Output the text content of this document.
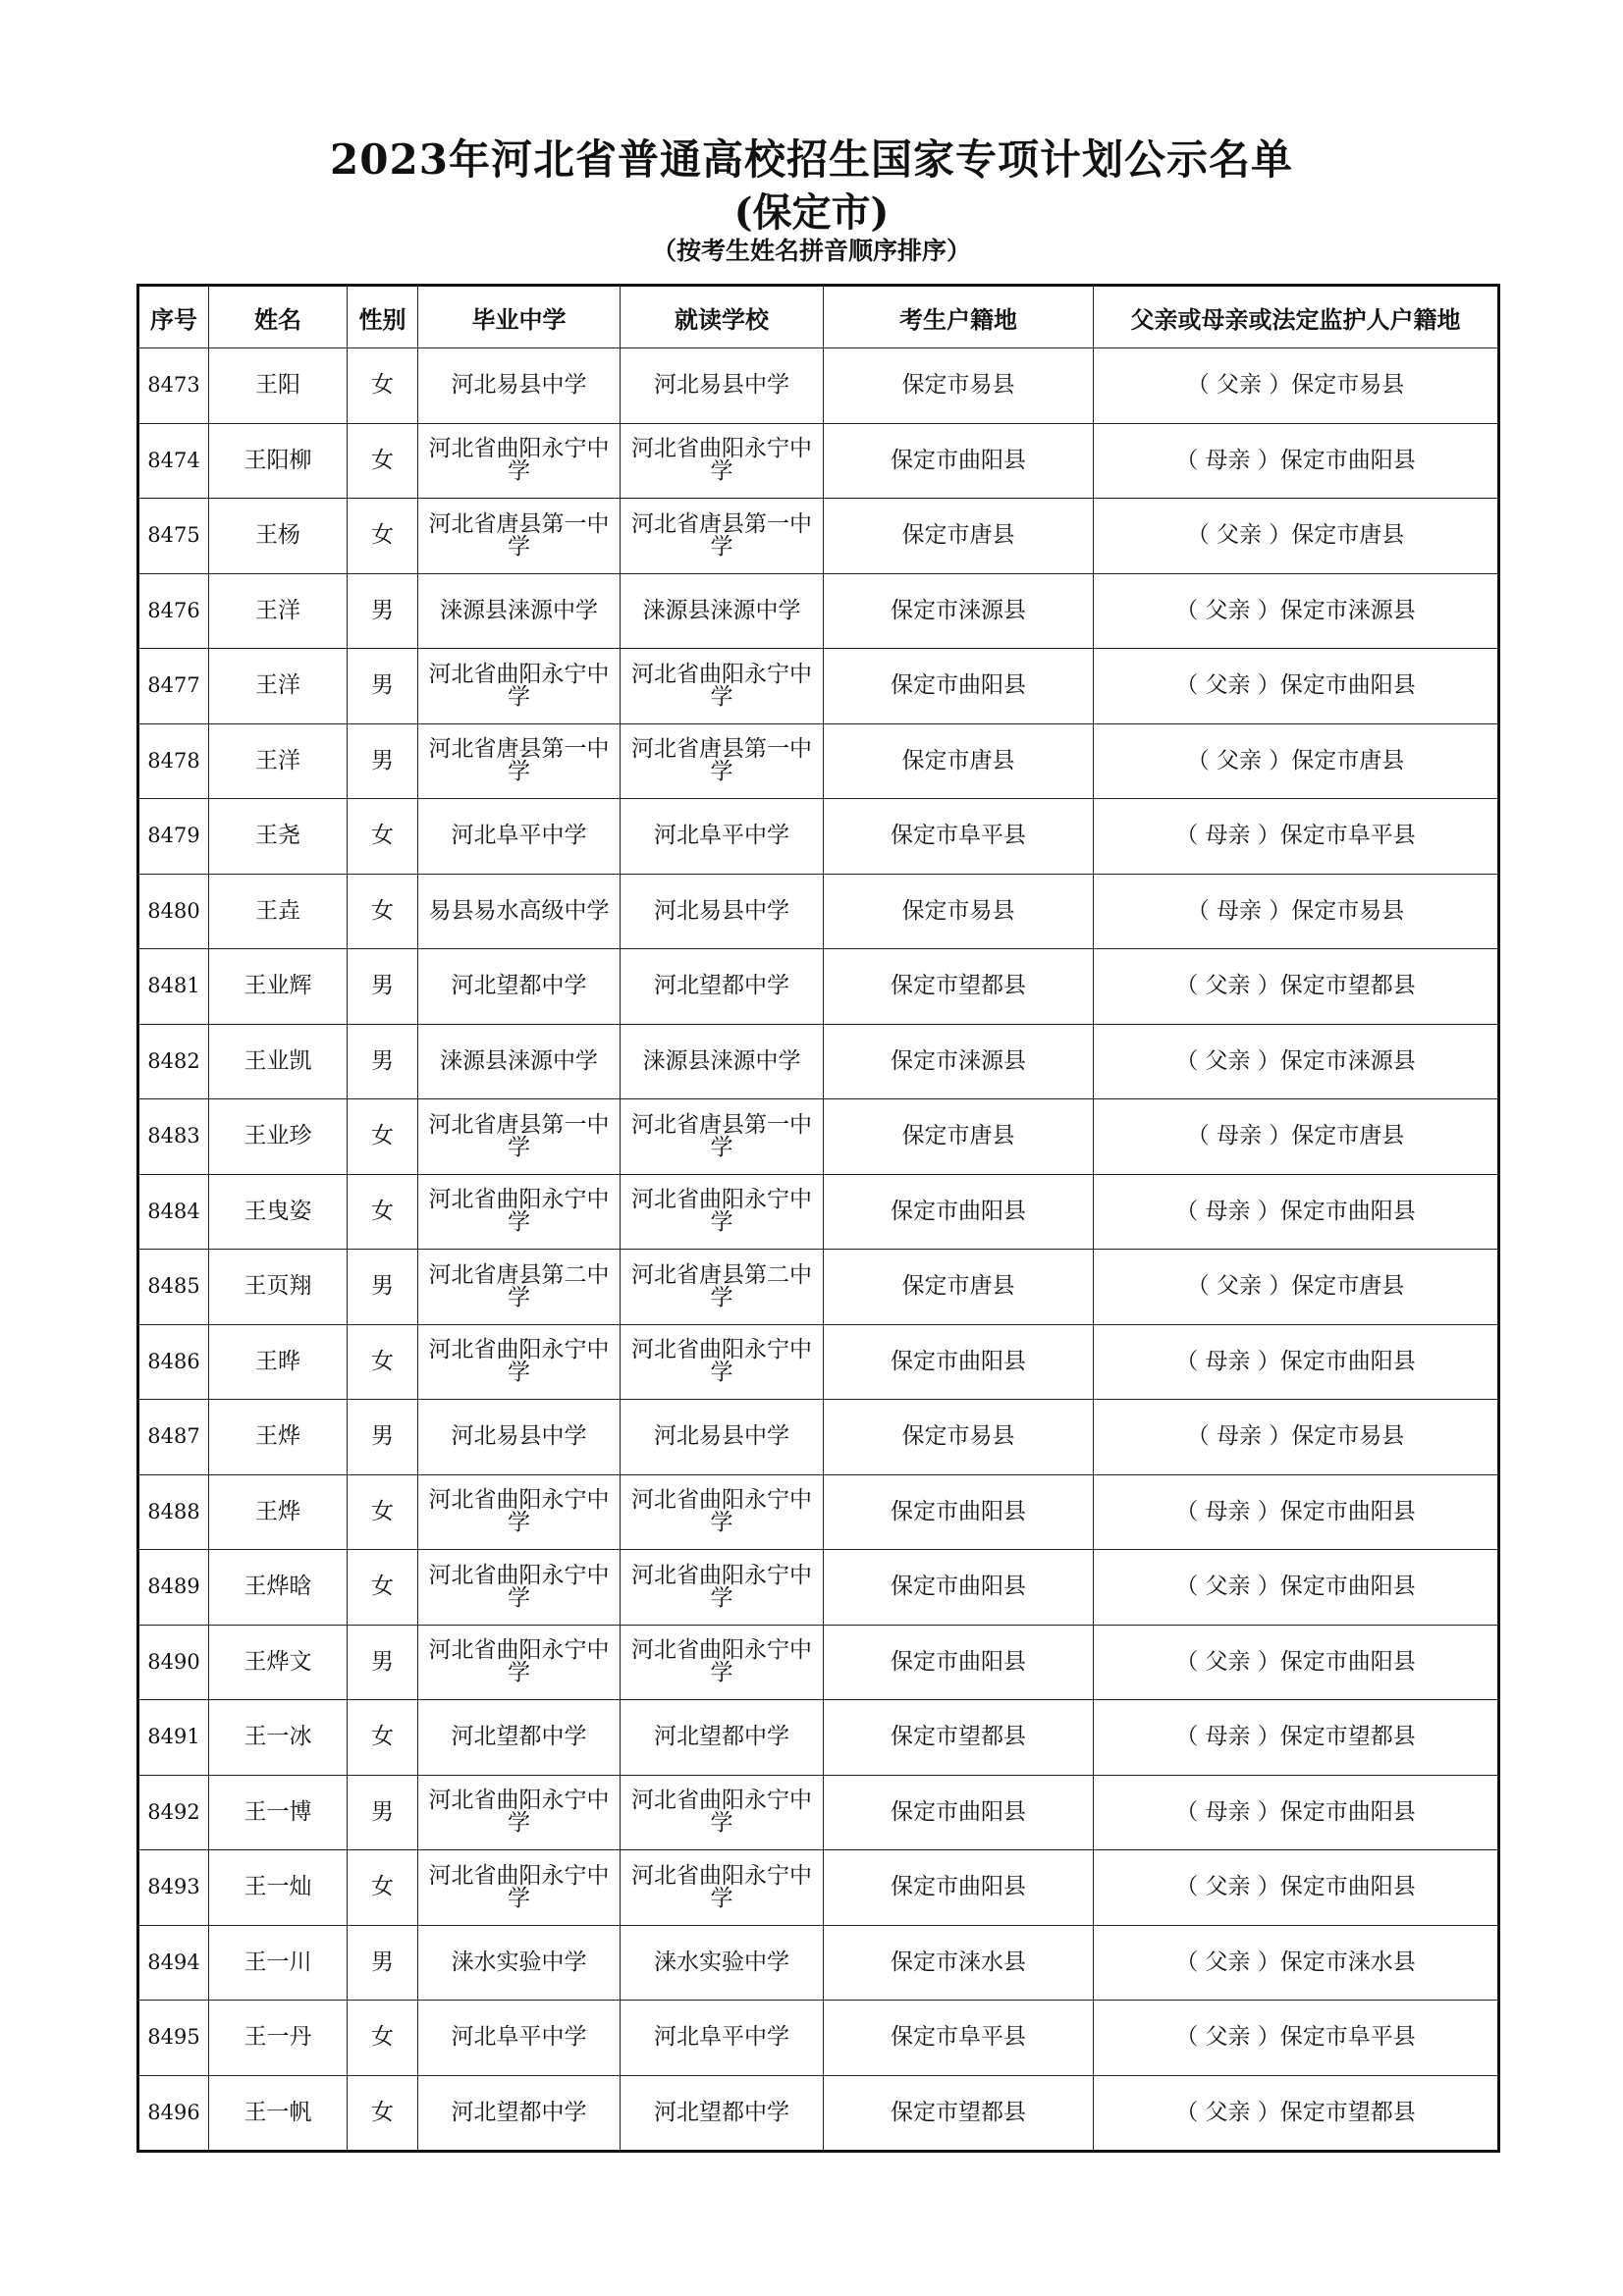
2023年河北省普通高校招生国家专项计划公示名单
(保定市)
（按考生姓名拼音顺序排序）
序号	姓名	性别	毕业中学	就读学校	考生户籍地	父亲或母亲或法定监护人户籍地
8473	王阳	女	河北易县中学	河北易县中学	保定市易县	（ 父亲 ）保定市易县
8474	王阳柳	女	河北省曲阳永宁中学	河北省曲阳永宁中学	保定市曲阳县	（ 母亲 ）保定市曲阳县
8475	王杨	女	河北省唐县第一中学	河北省唐县第一中学	保定市唐县	（ 父亲 ）保定市唐县
8476	王洋	男	涞源县涞源中学	涞源县涞源中学	保定市涞源县	（ 父亲 ）保定市涞源县
8477	王洋	男	河北省曲阳永宁中学	河北省曲阳永宁中学	保定市曲阳县	（ 父亲 ）保定市曲阳县
8478	王洋	男	河北省唐县第一中学	河北省唐县第一中学	保定市唐县	（ 父亲 ）保定市唐县
8479	王尧	女	河北阜平中学	河北阜平中学	保定市阜平县	（ 母亲 ）保定市阜平县
8480	王垚	女	易县易水高级中学	河北易县中学	保定市易县	（ 母亲 ）保定市易县
8481	王业辉	男	河北望都中学	河北望都中学	保定市望都县	（ 父亲 ）保定市望都县
8482	王业凯	男	涞源县涞源中学	涞源县涞源中学	保定市涞源县	（ 父亲 ）保定市涞源县
8483	王业珍	女	河北省唐县第一中学	河北省唐县第一中学	保定市唐县	（ 母亲 ）保定市唐县
8484	王曳姿	女	河北省曲阳永宁中学	河北省曲阳永宁中学	保定市曲阳县	（ 母亲 ）保定市曲阳县
8485	王页翔	男	河北省唐县第二中学	河北省唐县第二中学	保定市唐县	（ 父亲 ）保定市唐县
8486	王晔	女	河北省曲阳永宁中学	河北省曲阳永宁中学	保定市曲阳县	（ 母亲 ）保定市曲阳县
8487	王烨	男	河北易县中学	河北易县中学	保定市易县	（ 母亲 ）保定市易县
8488	王烨	女	河北省曲阳永宁中学	河北省曲阳永宁中学	保定市曲阳县	（ 母亲 ）保定市曲阳县
8489	王烨晗	女	河北省曲阳永宁中学	河北省曲阳永宁中学	保定市曲阳县	（ 父亲 ）保定市曲阳县
8490	王烨文	男	河北省曲阳永宁中学	河北省曲阳永宁中学	保定市曲阳县	（ 父亲 ）保定市曲阳县
8491	王一冰	女	河北望都中学	河北望都中学	保定市望都县	（ 母亲 ）保定市望都县
8492	王一博	男	河北省曲阳永宁中学	河北省曲阳永宁中学	保定市曲阳县	（ 母亲 ）保定市曲阳县
8493	王一灿	女	河北省曲阳永宁中学	河北省曲阳永宁中学	保定市曲阳县	（ 父亲 ）保定市曲阳县
8494	王一川	男	涞水实验中学	涞水实验中学	保定市涞水县	（ 父亲 ）保定市涞水县
8495	王一丹	女	河北阜平中学	河北阜平中学	保定市阜平县	（ 父亲 ）保定市阜平县
8496	王一帆	女	河北望都中学	河北望都中学	保定市望都县	（ 父亲 ）保定市望都县
